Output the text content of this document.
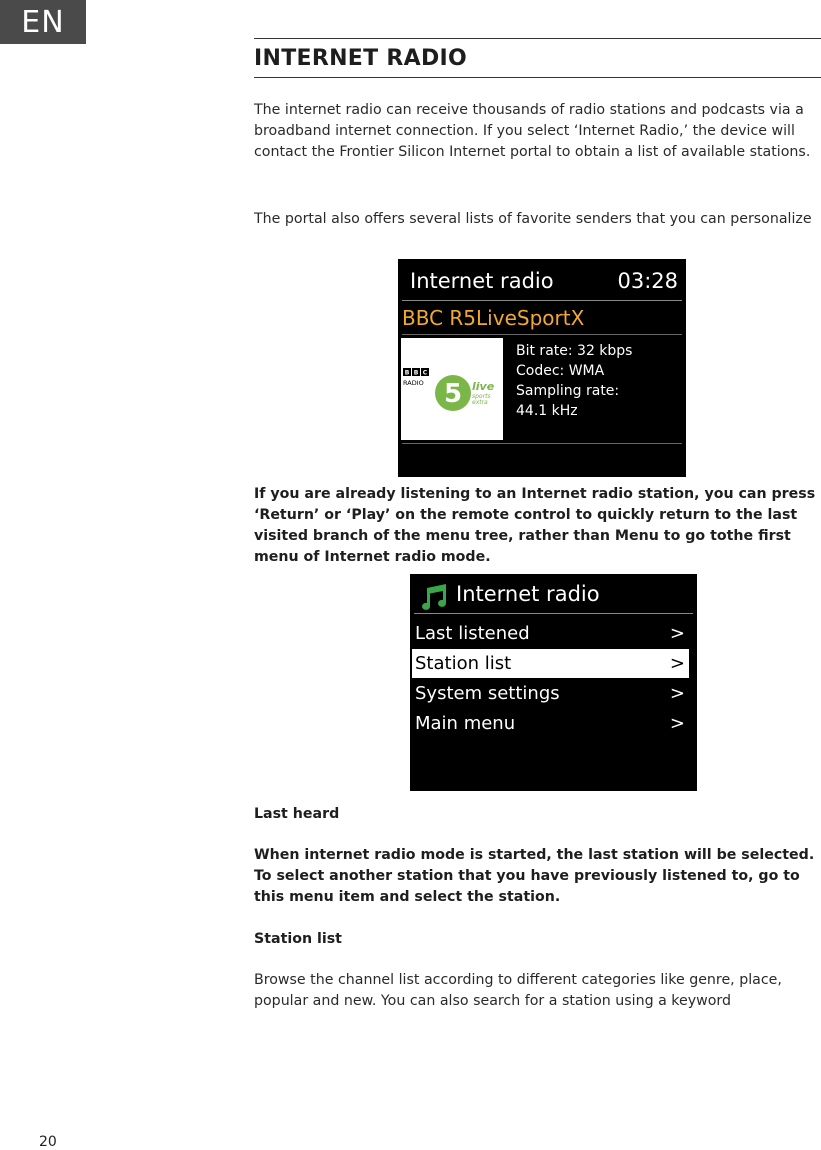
EN
INTERNET RADIO

The internet radio can receive thousands of radio stations and podcasts via a broadband internet connection. If you select ‘Internet Radio,’ the device will contact the Frontier Silicon Internet portal to obtain a list of available stations.

The portal also offers several lists of favorite senders that you can personalize

Internet radio	03:28
BBC R5LiveSportX
B B C
RADIO 5 live
sports
extra
Bit rate: 32 kbps
Codec: WMA
Sampling rate:
44.1 kHz

If you are already listening to an Internet radio station, you can press ‘Return’ or ‘Play’ on the remote control to quickly return to the last visited branch of the menu tree, rather than Menu to go tothe first menu of Internet radio mode.

Internet radio
Last listened	>
Station list	>
System settings	>
Main menu	>

Last heard

When internet radio mode is started, the last station will be selected. To select another station that you have previously listened to, go to this menu item and select the station.

Station list

Browse the channel list according to different categories like genre, place, popular and new. You can also search for a station using a keyword

20
